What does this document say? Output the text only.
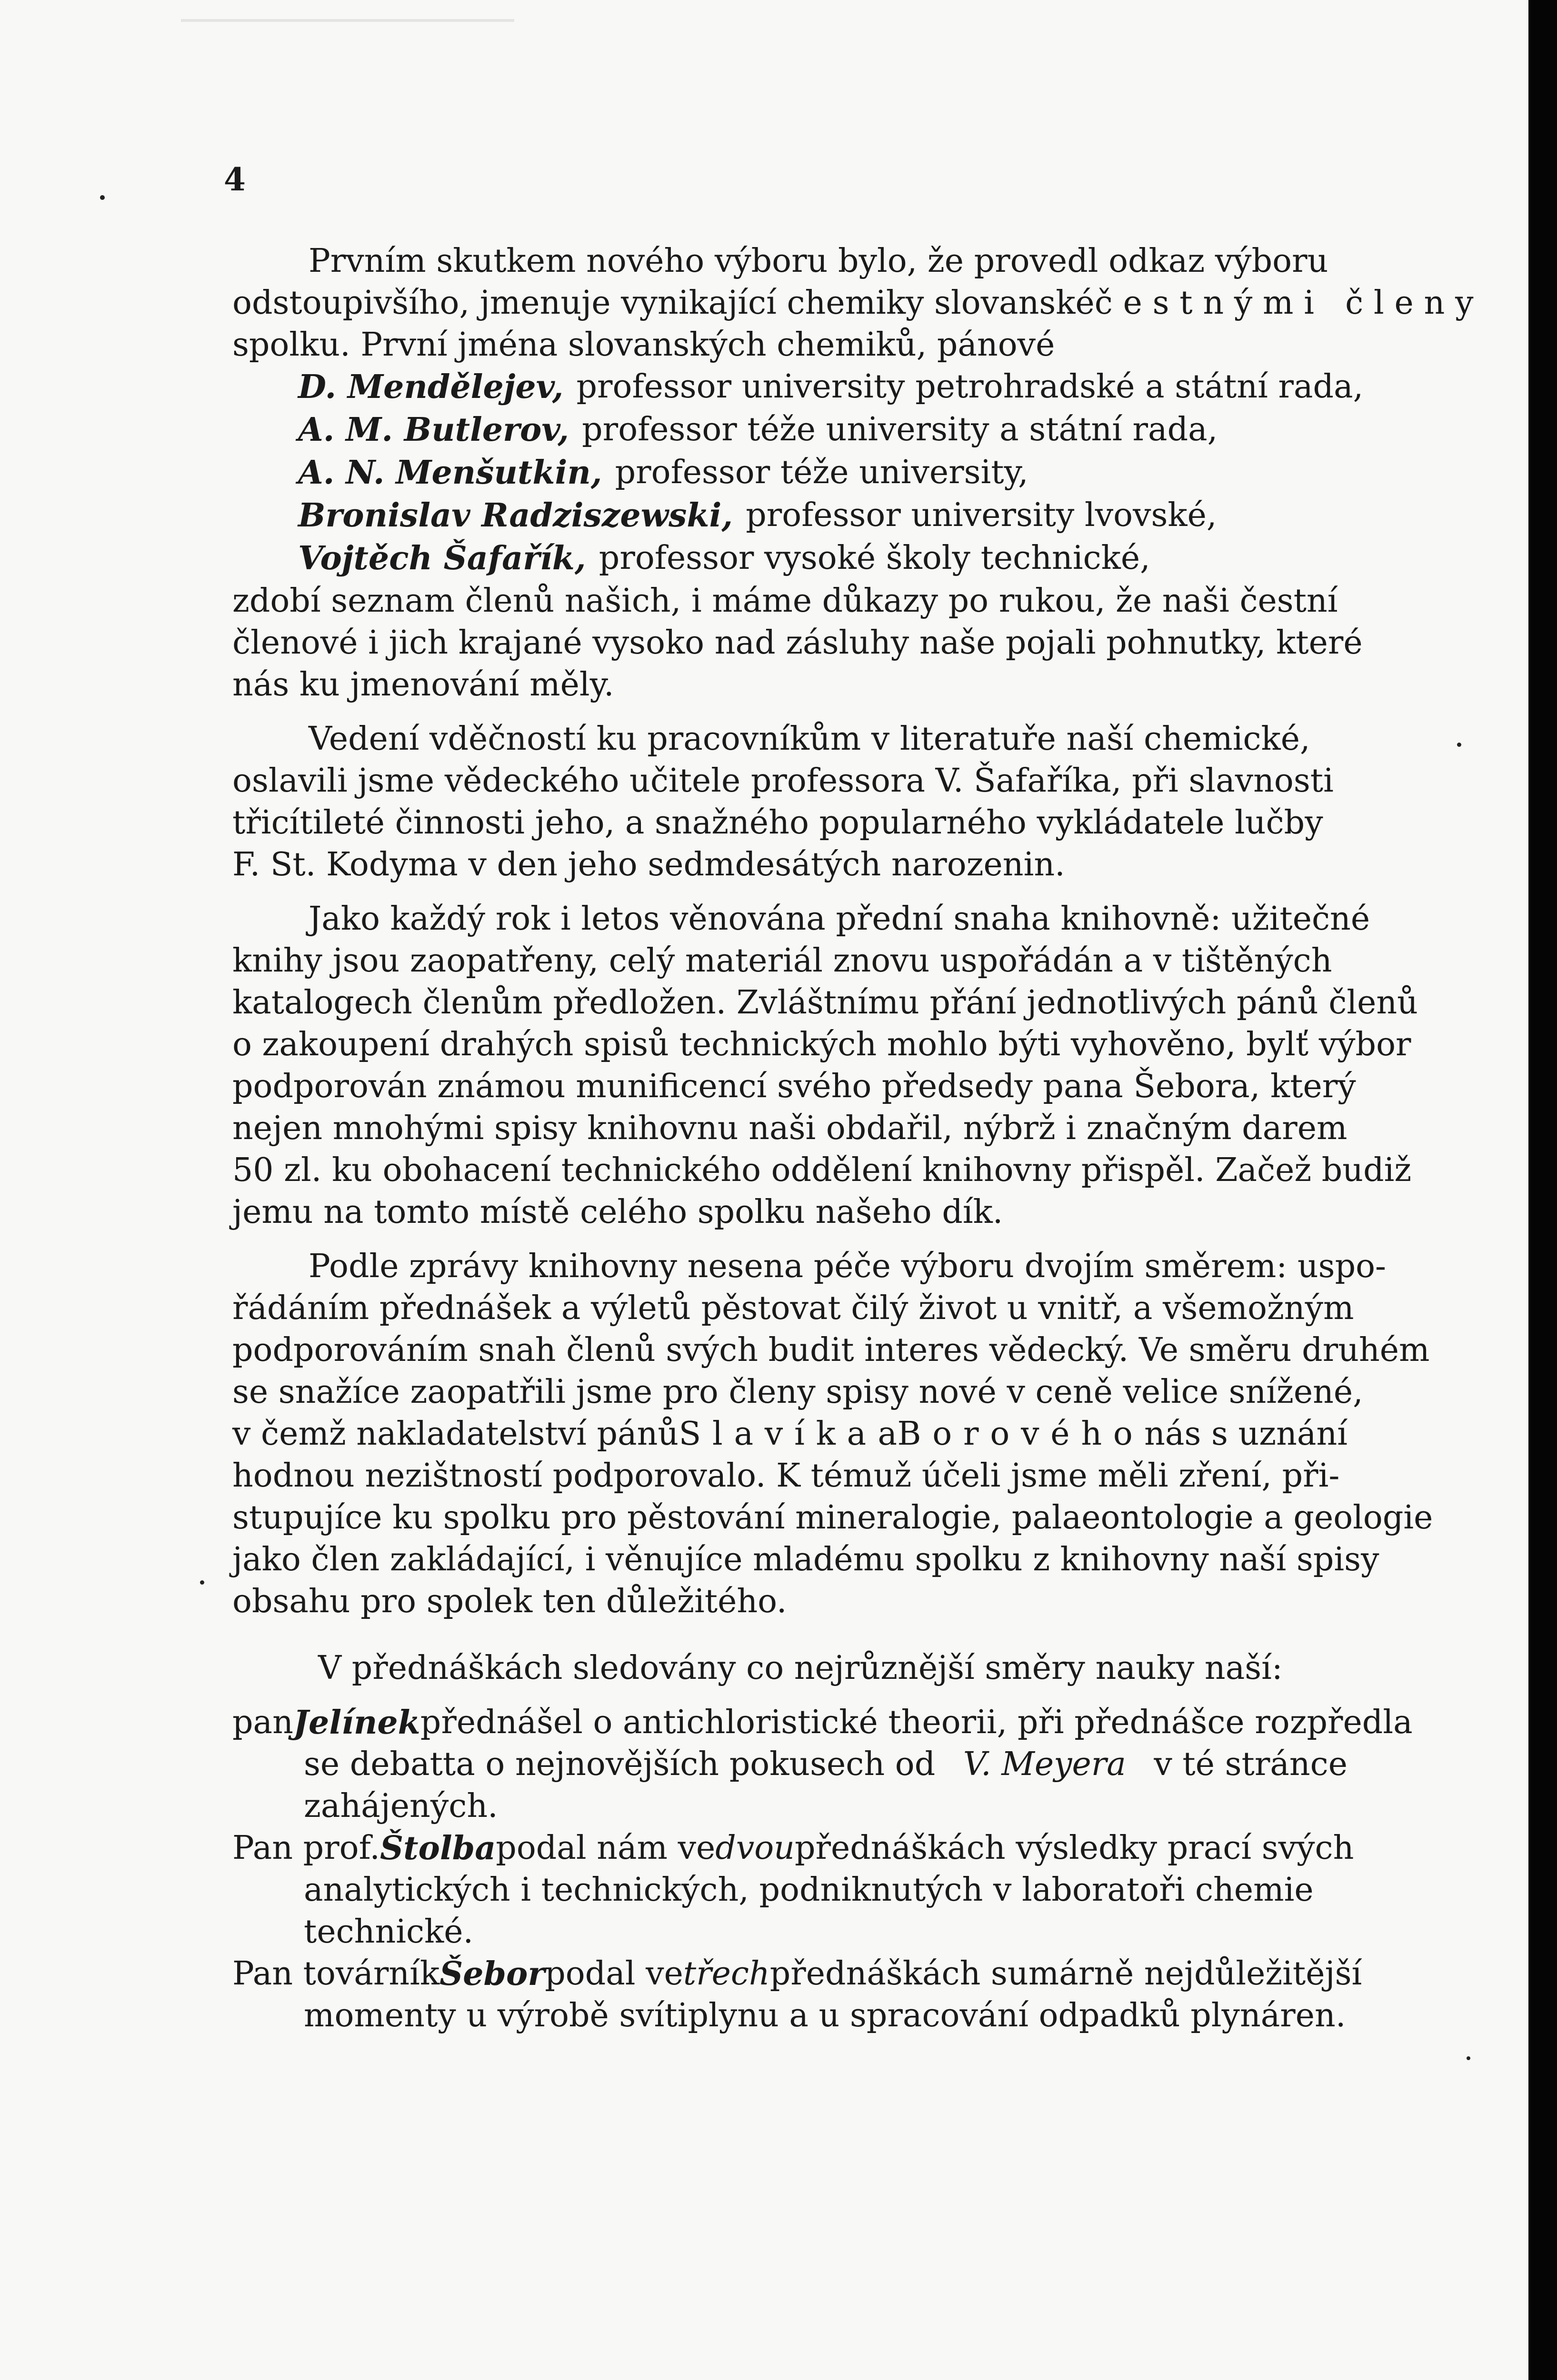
4
Prvním skutkem nového výboru bylo, že provedl odkaz výboru
odstoupivšího, jmenuje vynikající chemiky slovanské čestnými členy
spolku. První jména slovanských chemiků, pánové
D. Mendělejev, professor university petrohradské a státní rada,
A. M. Butlerov, professor téže university a státní rada,
A. N. Menšutkin, professor téže university,
Bronislav Radziszewski, professor university lvovské,
Vojtěch Šafařík, professor vysoké školy technické,
zdobí seznam členů našich, i máme důkazy po rukou, že naši čestní
členové i jich krajané vysoko nad zásluhy naše pojali pohnutky, které
nás ku jmenování měly.
Vedení vděčností ku pracovníkům v literatuře naší chemické,
oslavili jsme vědeckého učitele professora V. Šafaříka, při slavnosti
třicítileté činnosti jeho, a snažného popularného vykládatele lučby
F. St. Kodyma v den jeho sedmdesátých narozenin.
Jako každý rok i letos věnována přední snaha knihovně: užitečné
knihy jsou zaopatřeny, celý materiál znovu uspořádán a v tištěných
katalogech členům předložen. Zvláštnímu přání jednotlivých pánů členů
o zakoupení drahých spisů technických mohlo býti vyhověno, bylť výbor
podporován známou munificencí svého předsedy pana Šebora, který
nejen mnohými spisy knihovnu naši obdařil, nýbrž i značným darem
50 zl. ku obohacení technického oddělení knihovny přispěl. Začež budiž
jemu na tomto místě celého spolku našeho dík.
Podle zprávy knihovny nesena péče výboru dvojím směrem: uspo-
řádáním přednášek a výletů pěstovat čilý život u vnitř, a všemožným
podporováním snah členů svých budit interes vědecký. Ve směru druhém
se snažíce zaopatřili jsme pro členy spisy nové v ceně velice snížené,
v čemž nakladatelství pánů Slavíka a Borového nás s uznání
hodnou nezištností podporovalo. K témuž účeli jsme měli zření, při-
stupujíce ku spolku pro pěstování mineralogie, palaeontologie a geologie
jako člen zakládající, i věnujíce mladému spolku z knihovny naší spisy
obsahu pro spolek ten důležitého.
V přednáškách sledovány co nejrůznější směry nauky naší:
pan Jelínek přednášel o antichloristické theorii, při přednášce rozpředla
se debatta o nejnovějších pokusech od V. Meyera v té stránce
zahájených.
Pan prof. Štolba podal nám ve dvou přednáškách výsledky prací svých
analytických i technických, podniknutých v laboratoři chemie
technické.
Pan továrník Šebor podal ve třech přednáškách sumárně nejdůležitější
momenty u výrobě svítiplynu a u spracování odpadků plynáren.
